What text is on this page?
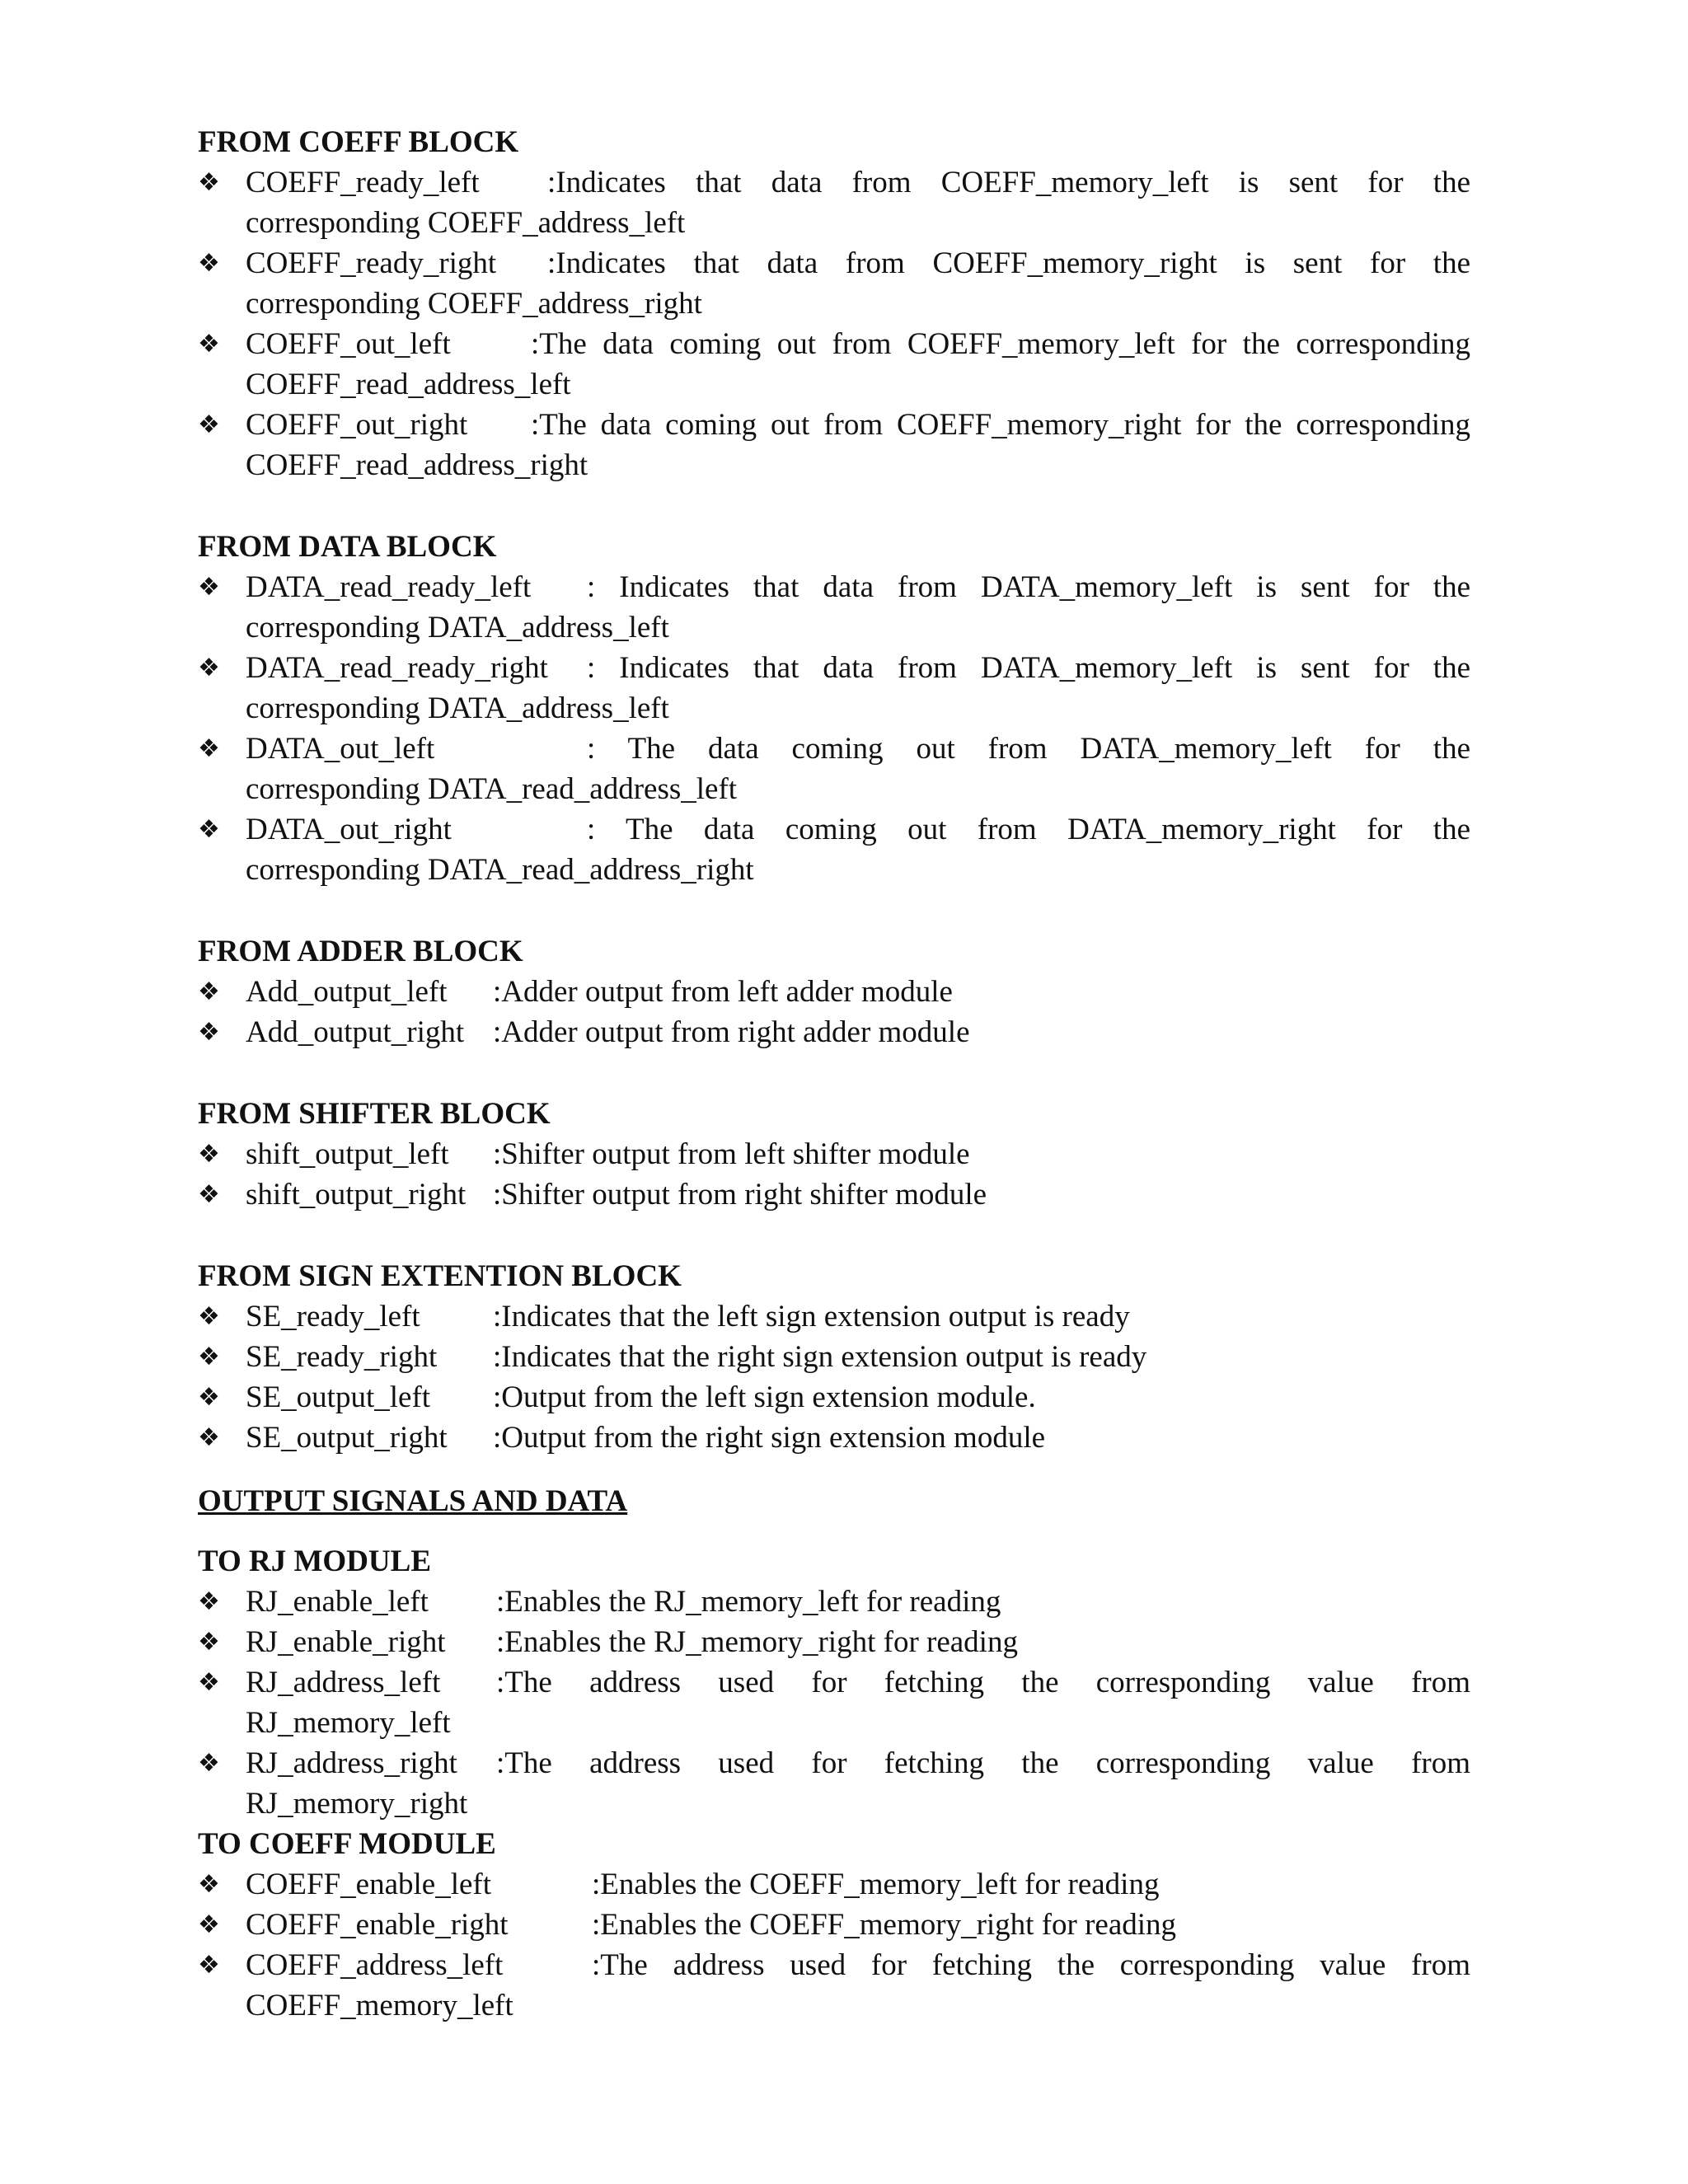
FROM COEFF BLOCK
❖ COEFF_ready_left	:Indicates that data from COEFF_memory_left is sent for the
corresponding COEFF_address_left
❖ COEFF_ready_right	:Indicates that data from COEFF_memory_right is sent for the
corresponding COEFF_address_right
❖ COEFF_out_left	:The data coming out from COEFF_memory_left for the corresponding
COEFF_read_address_left
❖ COEFF_out_right	:The data coming out from COEFF_memory_right for the corresponding
COEFF_read_address_right
FROM DATA BLOCK
❖ DATA_read_ready_left	: Indicates that data from DATA_memory_left is sent for the
corresponding DATA_address_left
❖ DATA_read_ready_right	: Indicates that data from DATA_memory_left is sent for the
corresponding DATA_address_left
❖ DATA_out_left	: The data coming out from DATA_memory_left for the
corresponding DATA_read_address_left
❖ DATA_out_right	: The data coming out from DATA_memory_right for the
corresponding DATA_read_address_right
FROM ADDER BLOCK
❖ Add_output_left	:Adder output from left adder module
❖ Add_output_right :Adder output from right adder module
FROM SHIFTER BLOCK
❖ shift_output_left	:Shifter output from left shifter module
❖ shift_output_right :Shifter output from right shifter module
FROM SIGN EXTENTION BLOCK
❖ SE_ready_left	:Indicates that the left sign extension output is ready
❖ SE_ready_right	:Indicates that the right sign extension output is ready
❖ SE_output_left	:Output from the left sign extension module.
❖ SE_output_right	:Output from the right sign extension module
OUTPUT SIGNALS AND DATA
TO RJ MODULE
❖ RJ_enable_left	:Enables the RJ_memory_left for reading
❖ RJ_enable_right	:Enables the RJ_memory_right for reading
❖ RJ_address_left	:The address used for fetching the corresponding value from
RJ_memory_left
❖ RJ_address_right	:The address used for fetching the corresponding value from
RJ_memory_right
TO COEFF MODULE
❖ COEFF_enable_left	:Enables the COEFF_memory_left for reading
❖ COEFF_enable_right	:Enables the COEFF_memory_right for reading
❖ COEFF_address_left	:The address used for fetching the corresponding value from
COEFF_memory_left
